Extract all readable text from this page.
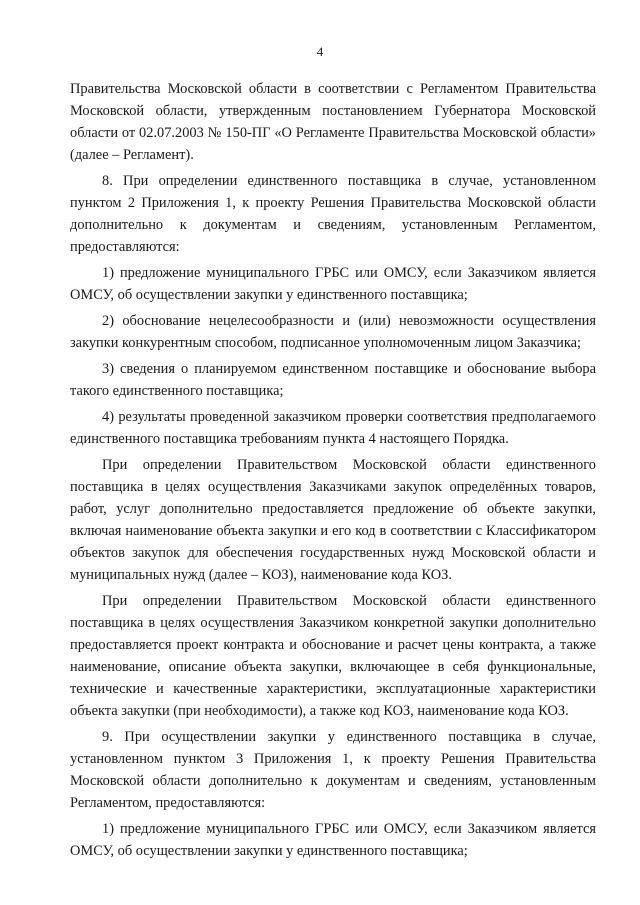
4

Правительства Московской области в соответствии с Регламентом Правительства Московской области, утвержденным постановлением Губернатора Московской области от 02.07.2003 № 150-ПГ «О Регламенте Правительства Московской области» (далее – Регламент).

8. При определении единственного поставщика в случае, установленном пунктом 2 Приложения 1, к проекту Решения Правительства Московской области дополнительно к документам и сведениям, установленным Регламентом, предоставляются:

1) предложение муниципального ГРБС или ОМСУ, если Заказчиком является ОМСУ, об осуществлении закупки у единственного поставщика;

2) обоснование нецелесообразности и (или) невозможности осуществления закупки конкурентным способом, подписанное уполномоченным лицом Заказчика;

3) сведения о планируемом единственном поставщике и обоснование выбора такого единственного поставщика;

4) результаты проведенной заказчиком проверки соответствия предполагаемого единственного поставщика требованиям пункта 4 настоящего Порядка.

При определении Правительством Московской области единственного поставщика в целях осуществления Заказчиками закупок определённых товаров, работ, услуг дополнительно предоставляется предложение об объекте закупки, включая наименование объекта закупки и его код в соответствии с Классификатором объектов закупок для обеспечения государственных нужд Московской области и муниципальных нужд (далее – КОЗ), наименование кода КОЗ.

При определении Правительством Московской области единственного поставщика в целях осуществления Заказчиком конкретной закупки дополнительно предоставляется проект контракта и обоснование и расчет цены контракта, а также наименование, описание объекта закупки, включающее в себя функциональные, технические и качественные характеристики, эксплуатационные характеристики объекта закупки (при необходимости), а также код КОЗ, наименование кода КОЗ.

9. При осуществлении закупки у единственного поставщика в случае, установленном пунктом 3 Приложения 1, к проекту Решения Правительства Московской области дополнительно к документам и сведениям, установленным Регламентом, предоставляются:

1) предложение муниципального ГРБС или ОМСУ, если Заказчиком является ОМСУ, об осуществлении закупки у единственного поставщика;
